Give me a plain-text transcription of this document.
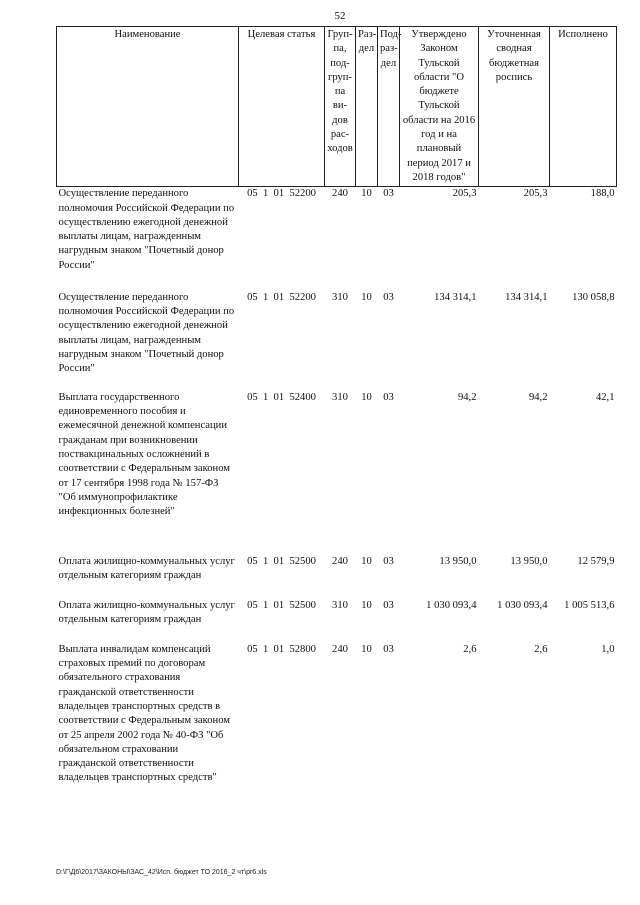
52
Наименование	Целевая статья	Груп-па, под-груп-па ви-дов рас-ходов	Раз-дел	Под-раз-дел	Утверждено Законом Тульской области "О бюджете Тульской области на 2016 год и на плановый период 2017 и 2018 годов"	Уточненная сводная бюджетная роспись	Исполнено
Осуществление переданного полномочия Российской Федерации по осуществлению ежегодной денежной выплаты лицам, награжденным нагрудным знаком "Почетный донор России"	05 1 01 52200	240	10	03	205,3	205,3	188,0
Осуществление переданного полномочия Российской Федерации по осуществлению ежегодной денежной выплаты лицам, награжденным нагрудным знаком "Почетный донор России"	05 1 01 52200	310	10	03	134 314,1	134 314,1	130 058,8
Выплата государственного единовременного пособия и ежемесячной денежной компенсации гражданам при возникновении поствакцинальных осложнений в соответствии с Федеральным законом от 17 сентября 1998 года № 157-ФЗ "Об иммунопрофилактике инфекционных болезней"	05 1 01 52400	310	10	03	94,2	94,2	42,1
Оплата жилищно-коммунальных услуг отдельным категориям граждан	05 1 01 52500	240	10	03	13 950,0	13 950,0	12 579,9
Оплата жилищно-коммунальных услуг отдельным категориям граждан	05 1 01 52500	310	10	03	1 030 093,4	1 030 093,4	1 005 513,6
Выплата инвалидам компенсаций страховых премий по договорам обязательного страхования гражданской ответственности владельцев транспортных средств в соответствии с Федеральным законом от 25 апреля 2002 года № 40-ФЗ "Об обязательном страховании гражданской ответственности владельцев транспортных средств"	05 1 01 52800	240	10	03	2,6	2,6	1,0
D:\Г\Д6\2017\ЗАКОНЫ\ЗАС_42\Исп. бюджет ТО 2016_2 чт\pr6.xls
